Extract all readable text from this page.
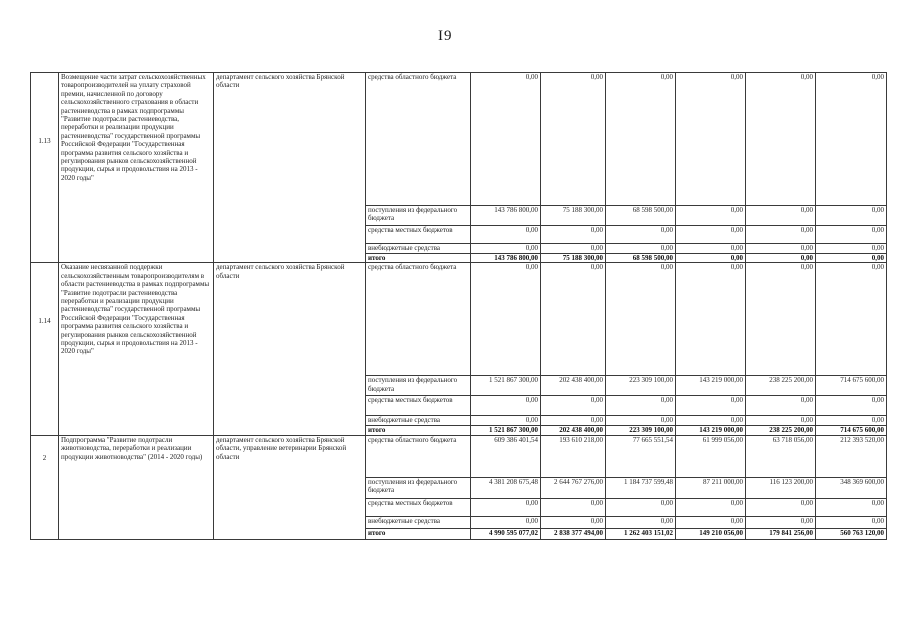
I9
1.13	Возмещение части затрат сельскохозяйственных товаропроизводителей на уплату страховой премии, начисленной по договору сельскохозяйственного страхования в области растениеводства в рамках подпрограммы "Развитие подотрасли растениеводства, переработки и реализации продукции растениеводства" государственной программы Российской Федерации "Государственная программа развития сельского хозяйства и регулирования рынков сельскохозяйственной продукции, сырья и продовольствия на 2013 - 2020 годы"	департамент сельского хозяйства Брянской области	средства областного бюджета	0,00	0,00	0,00	0,00	0,00	0,00
			поступления из федерального бюджета	143 786 800,00	75 188 300,00	68 598 500,00	0,00	0,00	0,00
			средства местных бюджетов	0,00	0,00	0,00	0,00	0,00	0,00
			внебюджетные средства	0,00	0,00	0,00	0,00	0,00	0,00
			итого	143 786 800,00	75 188 300,00	68 598 500,00	0,00	0,00	0,00
1.14	Оказание несвязанной поддержки сельскохозяйственным товаропроизводителям в области растениеводства в рамках подпрограммы "Развитие подотрасли растениеводства переработки и реализации продукции растениеводства" государственной программы Российской Федерации "Государственная программа развития сельского хозяйства и регулирования рынков сельскохозяйственной продукции, сырья и продовольствия на 2013 - 2020 годы"	департамент сельского хозяйства Брянской области	средства областного бюджета	0,00	0,00	0,00	0,00	0,00	0,00
			поступления из федерального бюджета	1 521 867 300,00	202 438 400,00	223 309 100,00	143 219 000,00	238 225 200,00	714 675 600,00
			средства местных бюджетов	0,00	0,00	0,00	0,00	0,00	0,00
			внебюджетные средства	0,00	0,00	0,00	0,00	0,00	0,00
			итого	1 521 867 300,00	202 438 400,00	223 309 100,00	143 219 000,00	238 225 200,00	714 675 600,00
2	Подпрограмма "Развитие подотрасли животноводства, переработки и реализации продукции животноводства" (2014 - 2020 годы)	департамент сельского хозяйства Брянской области, управление ветеринарии Брянской области	средства областного бюджета	609 386 401,54	193 610 218,00	77 665 551,54	61 999 056,00	63 718 056,00	212 393 520,00
			поступления из федерального бюджета	4 381 208 675,48	2 644 767 276,00	1 184 737 599,48	87 211 000,00	116 123 200,00	348 369 600,00
			средства местных бюджетов	0,00	0,00	0,00	0,00	0,00	0,00
			внебюджетные средства	0,00	0,00	0,00	0,00	0,00	0,00
			итого	4 990 595 077,02	2 838 377 494,00	1 262 403 151,02	149 210 056,00	179 841 256,00	560 763 120,00
